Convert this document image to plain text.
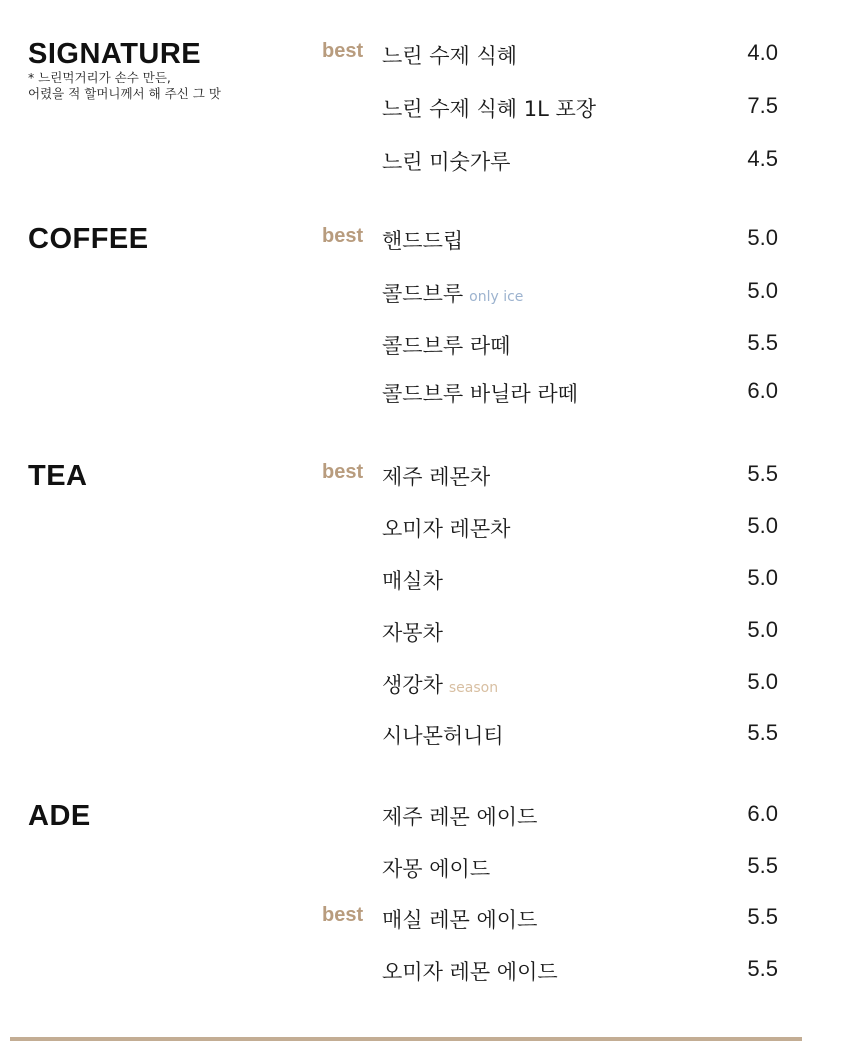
SIGNATURE
* 느린먹거리가 손수 만든,
어렸을 적 할머니께서 해 주신 그 맛
best 느린 수제 식혜	4.0
느린 수제 식혜 1L 포장	7.5
느린 미숫가루	4.5
COFFEE	best 핸드드립	5.0
콜드브루 only ice	5.0
콜드브루 라떼	5.5
콜드브루 바닐라 라떼	6.0
TEA	best 제주 레몬차	5.5
오미자 레몬차	5.0
매실차	5.0
자몽차	5.0
생강차 season	5.0
시나몬허니티	5.5
ADE	제주 레몬 에이드	6.0
자몽 에이드	5.5
best 매실 레몬 에이드	5.5
오미자 레몬 에이드	5.5
